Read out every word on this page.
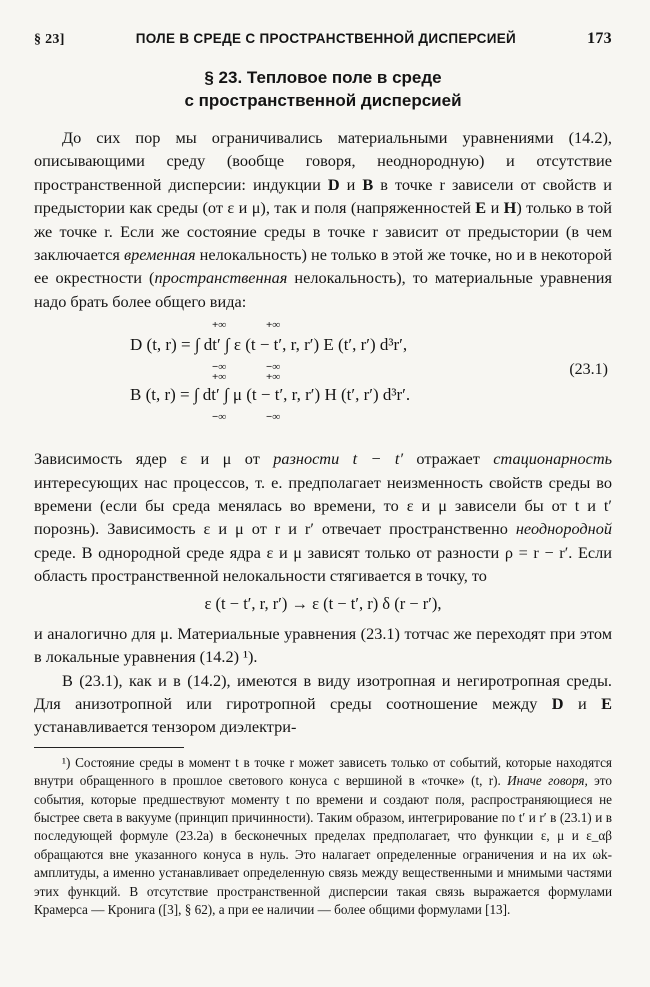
§ 23]	ПОЛЕ В СРЕДЕ С ПРОСТРАНСТВЕННОЙ ДИСПЕРСИЕЙ	173
§ 23. Тепловое поле в среде
с пространственной дисперсией

До сих пор мы ограничивались материальными уравнениями (14.2), описывающими среду (вообще говоря, неоднородную) и отсутствие пространственной дисперсии: индукции D и B в точке r зависели от свойств и предыстории как среды (от ε и μ), так и поля (напряженностей E и H) только в той же точке r. Если же состояние среды в точке r зависит от предыстории (в чем заключается временная нелокальность) не только в этой же точке, но и в некоторой ее окрестности (пространственная нелокальность), то материальные уравнения надо брать более общего вида:

+∞	+∞
D (t, r) = ∫ dt′ ∫ ε (t − t′, r, r′) E (t′, r′) d³r′,
−∞	−∞
+∞	+∞
B (t, r) = ∫ dt′ ∫ μ (t − t′, r, r′) H (t′, r′) d³r′.
−∞	−∞
(23.1)

Зависимость ядер ε и μ от разности t − t′ отражает стационарность интересующих нас процессов, т. е. предполагает неизменность свойств среды во времени (если бы среда менялась во времени, то ε и μ зависели бы от t и t′ порознь). Зависимость ε и μ от r и r′ отвечает пространственно неоднородной среде. В однородной среде ядра ε и μ зависят только от разности ρ = r − r′. Если область пространственной нелокальности стягивается в точку, то

ε (t − t′, r, r′) → ε (t − t′, r) δ (r − r′),

и аналогично для μ. Материальные уравнения (23.1) тотчас же переходят при этом в локальные уравнения (14.2) ¹).

В (23.1), как и в (14.2), имеются в виду изотропная и негиротропная среды. Для анизотропной или гиротропной среды соотношение между D и E устанавливается тензором диэлектри-

¹) Состояние среды в момент t в точке r может зависеть только от событий, которые находятся внутри обращенного в прошлое светового конуса с вершиной в «точке» (t, r). Иначе говоря, это события, которые предшествуют моменту t по времени и создают поля, распространяющиеся не быстрее света в вакууме (принцип причинности). Таким образом, интегрирование по t′ и r′ в (23.1) и в последующей формуле (23.2а) в бесконечных пределах предполагает, что функции ε, μ и ε_αβ обращаются вне указанного конуса в нуль. Это налагает определенные ограничения и на их ωk-амплитуды, а именно устанавливает определенную связь между вещественными и мнимыми частями этих функций. В отсутствие пространственной дисперсии такая связь выражается формулами Крамерса — Кронига ([3], § 62), а при ее наличии — более общими формулами [13].
